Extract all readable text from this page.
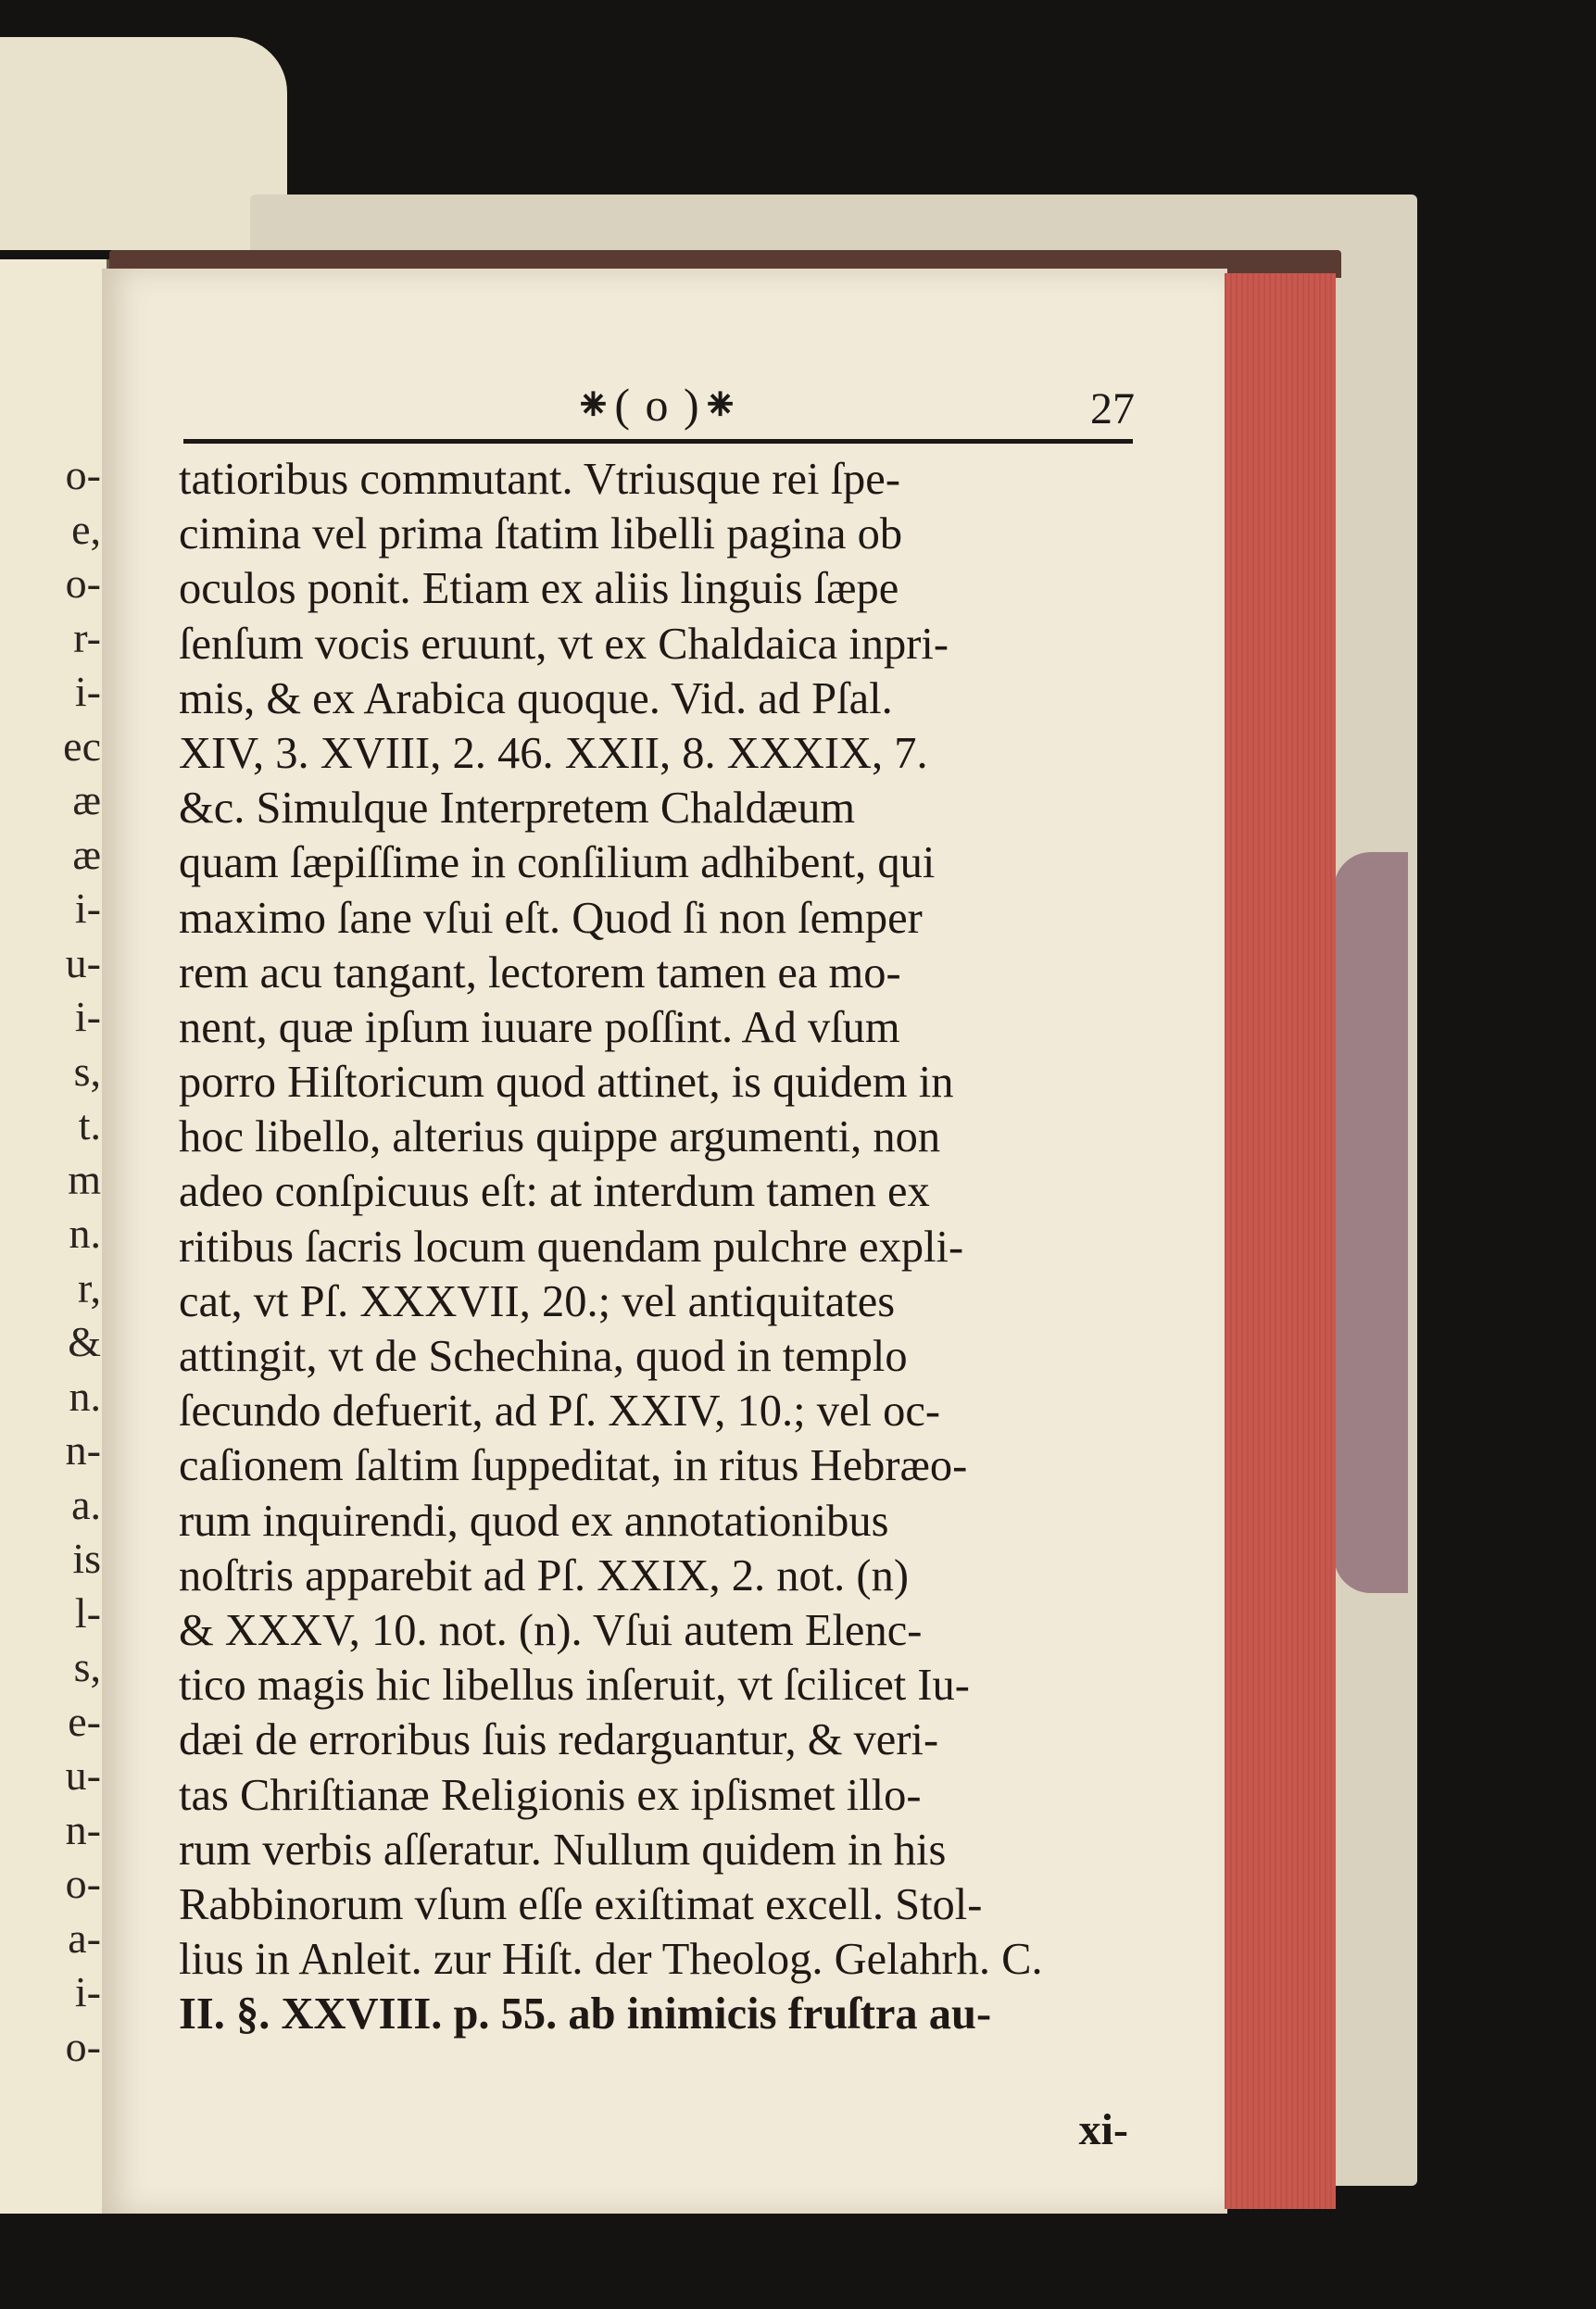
o-
e,
o-
r-
i-
ec
æ
æ
i-
u-
i-
s,
t.
m
n.
r,
&
n.
n-
a.
is
l-
s,
e-
u-
n-
o-
a-
i-
o-
⁕( o )⁕	27
tatioribus commutant. Vtriusque rei ſpe-
cimina vel prima ſtatim libelli pagina ob
oculos ponit. Etiam ex aliis linguis ſæpe
ſenſum vocis eruunt, vt ex Chaldaica inpri-
mis, & ex Arabica quoque. Vid. ad Pſal.
XIV, 3. XVIII, 2. 46. XXII, 8. XXXIX, 7.
&c. Simulque Interpretem Chaldæum
quam ſæpiſſime in conſilium adhibent, qui
maximo ſane vſui eſt. Quod ſi non ſemper
rem acu tangant, lectorem tamen ea mo-
nent, quæ ipſum iuuare poſſint. Ad vſum
porro Hiſtoricum quod attinet, is quidem in
hoc libello, alterius quippe argumenti, non
adeo conſpicuus eſt: at interdum tamen ex
ritibus ſacris locum quendam pulchre expli-
cat, vt Pſ. XXXVII, 20.; vel antiquitates
attingit, vt de Schechina, quod in templo
ſecundo defuerit, ad Pſ. XXIV, 10.; vel oc-
caſionem ſaltim ſuppeditat, in ritus Hebræo-
rum inquirendi, quod ex annotationibus
noſtris apparebit ad Pſ. XXIX, 2. not. (n)
& XXXV, 10. not. (n). Vſui autem Elenc-
tico magis hic libellus inſeruit, vt ſcilicet Iu-
dæi de erroribus ſuis redarguantur, & veri-
tas Chriſtianæ Religionis ex ipſismet illo-
rum verbis aſſeratur. Nullum quidem in his
Rabbinorum vſum eſſe exiſtimat excell. Stol-
lius in Anleit. zur Hiſt. der Theolog. Gelahrh. C.
II. §. XXVIII. p. 55. ab inimicis fruſtra au-
xi-
